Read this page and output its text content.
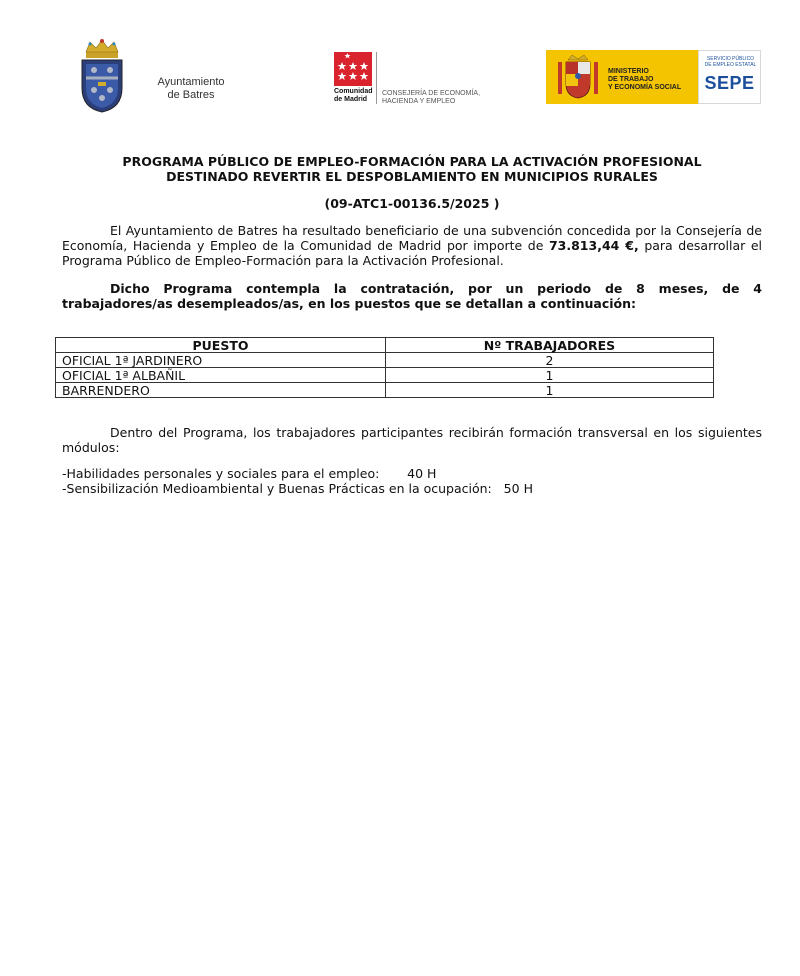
Ayuntamiento
de Batres	Comunidad
de Madrid
CONSEJERÍA DE ECONOMÍA,
HACIENDA Y EMPLEO
MINISTERIO
DE TRABAJO
Y ECONOMÍA SOCIAL
SERVICIO PÚBLICO
DE EMPLEO ESTATAL
SEPE
PROGRAMA PÚBLICO DE EMPLEO-FORMACIÓN PARA LA ACTIVACIÓN PROFESIONAL
DESTINADO REVERTIR EL DESPOBLAMIENTO EN MUNICIPIOS RURALES
(09-ATC1-00136.5/2025 )
El Ayuntamiento de Batres ha resultado beneficiario de una subvención concedida por la Consejería de Economía, Hacienda y Empleo de la Comunidad de Madrid por importe de 73.813,44 €, para desarrollar el Programa Público de Empleo-Formación para la Activación Profesional.
Dicho Programa contempla la contratación, por un periodo de 8 meses, de 4 trabajadores/as desempleados/as, en los puestos que se detallan a continuación:
PUESTO	Nº TRABAJADORES
OFICIAL 1ª JARDINERO	2
OFICIAL 1ª ALBAÑIL	1
BARRENDERO	1
Dentro del Programa, los trabajadores participantes recibirán formación transversal en los siguientes módulos:
-Habilidades personales y sociales para el empleo:       40 H
-Sensibilización Medioambiental y Buenas Prácticas en la ocupación:   50 H
